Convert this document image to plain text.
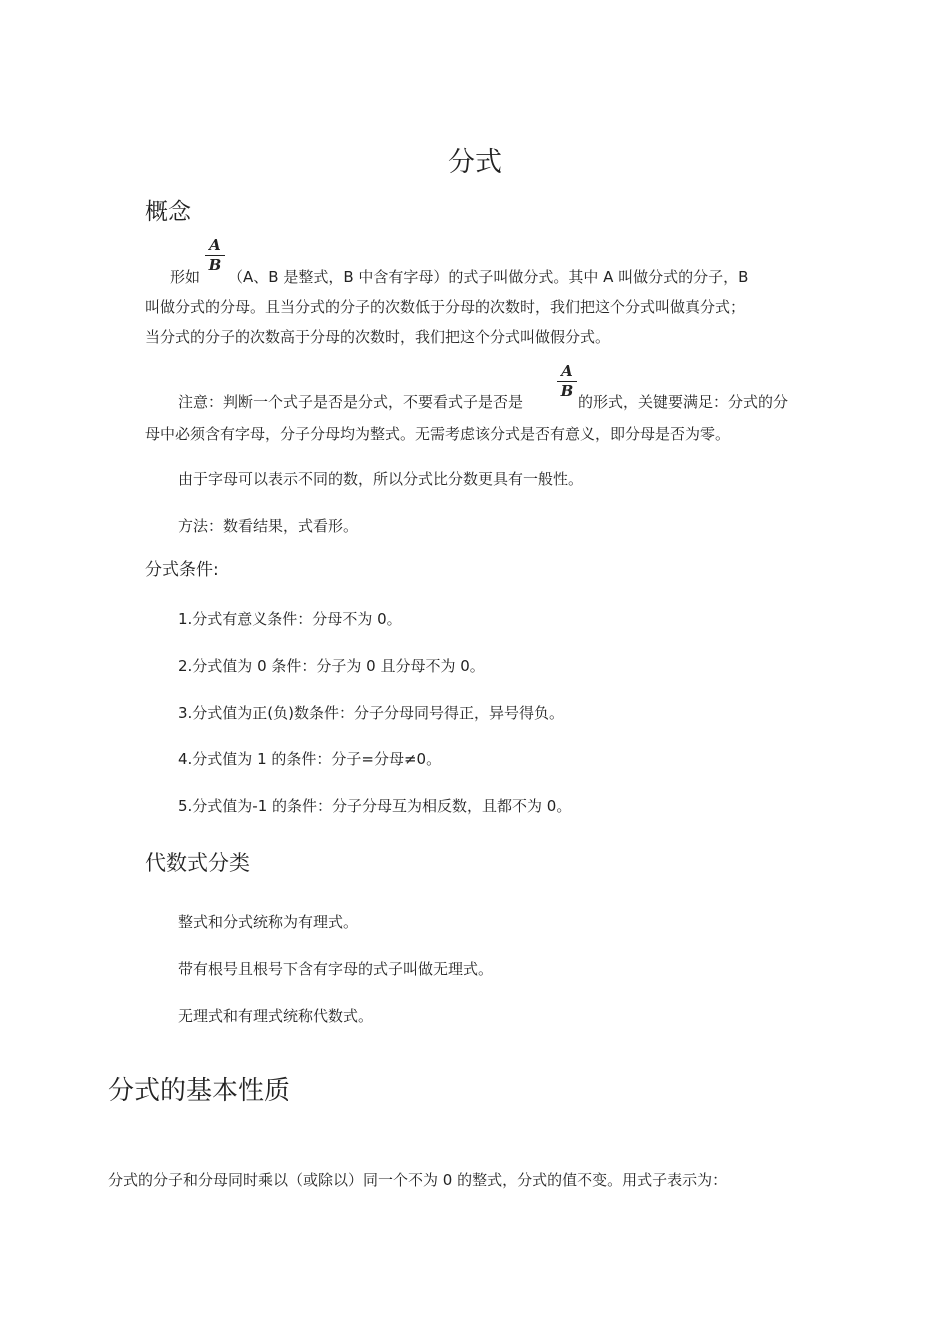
分式
概念
形如
A
B
（A、B 是整式，B 中含有字母）的式子叫做分式。其中 A 叫做分式的分子，B
叫做分式的分母。且当分式的分子的次数低于分母的次数时，我们把这个分式叫做真分式；
当分式的分子的次数高于分母的次数时，我们把这个分式叫做假分式。
注意：判断一个式子是否是分式，不要看式子是否是
A
B
的形式，关键要满足：分式的分
母中必须含有字母，分子分母均为整式。无需考虑该分式是否有意义，即分母是否为零。
由于字母可以表示不同的数，所以分式比分数更具有一般性。
方法：数看结果，式看形。
分式条件:
1.分式有意义条件：分母不为 0。
2.分式值为 0 条件：分子为 0 且分母不为 0。
3.分式值为正(负)数条件：分子分母同号得正，异号得负。
4.分式值为 1 的条件：分子=分母≠0。
5.分式值为-1 的条件：分子分母互为相反数，且都不为 0。
代数式分类
整式和分式统称为有理式。
带有根号且根号下含有字母的式子叫做无理式。
无理式和有理式统称代数式。
分式的基本性质
分式的分子和分母同时乘以（或除以）同一个不为 0 的整式，分式的值不变。用式子表示为：
